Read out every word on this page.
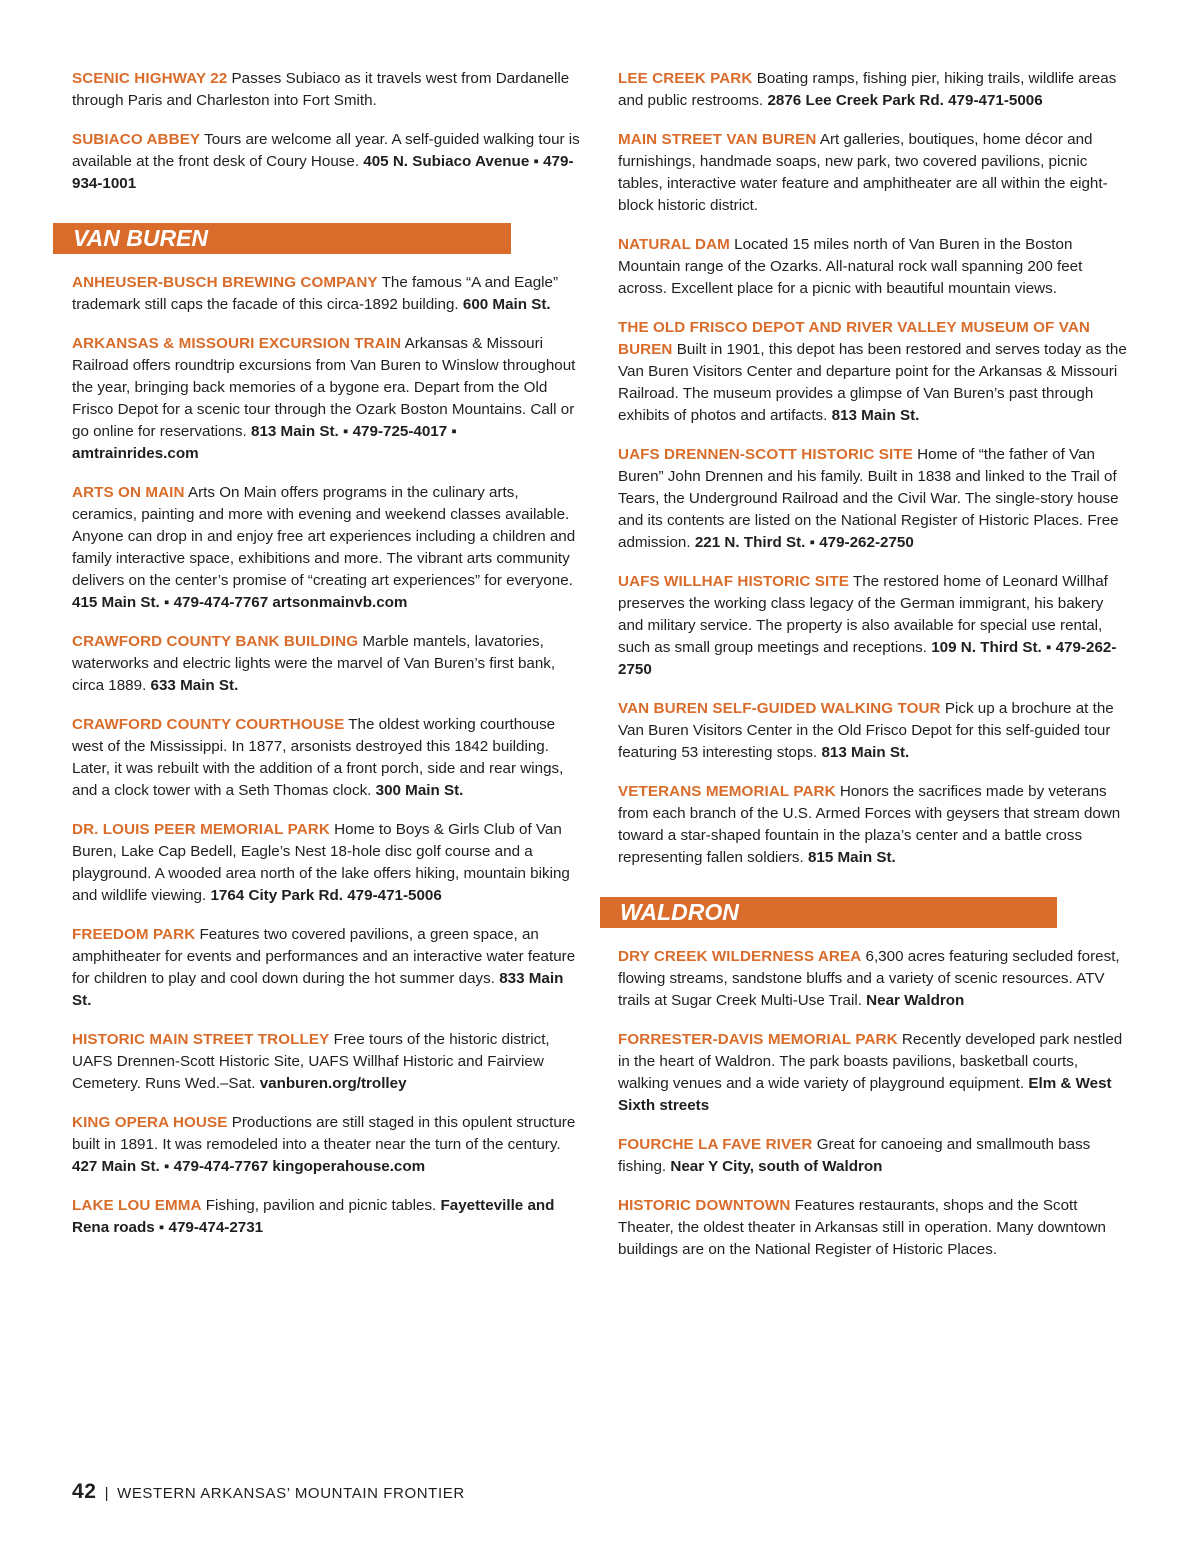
SCENIC HIGHWAY 22 Passes Subiaco as it travels west from Dardanelle through Paris and Charleston into Fort Smith.

SUBIACO ABBEY Tours are welcome all year. A self-guided walking tour is available at the front desk of Coury House. 405 N. Subiaco Avenue ▪ 479-934-1001

VAN BUREN

ANHEUSER-BUSCH BREWING COMPANY The famous “A and Eagle” trademark still caps the facade of this circa-1892 building. 600 Main St.

ARKANSAS & MISSOURI EXCURSION TRAIN Arkansas & Missouri Railroad offers roundtrip excursions from Van Buren to Winslow throughout the year, bringing back memories of a bygone era. Depart from the Old Frisco Depot for a scenic tour through the Ozark Boston Mountains. Call or go online for reservations. 813 Main St. ▪ 479-725-4017 ▪ amtrainrides.com

ARTS ON MAIN Arts On Main offers programs in the culinary arts, ceramics, painting and more with evening and weekend classes available. Anyone can drop in and enjoy free art experiences including a children and family interactive space, exhibitions and more. The vibrant arts community delivers on the center’s promise of “creating art experiences” for everyone. 415 Main St. ▪ 479-474-7767 artsonmainvb.com

CRAWFORD COUNTY BANK BUILDING Marble mantels, lavatories, waterworks and electric lights were the marvel of Van Buren’s first bank, circa 1889. 633 Main St.

CRAWFORD COUNTY COURTHOUSE The oldest working courthouse west of the Mississippi. In 1877, arsonists destroyed this 1842 building. Later, it was rebuilt with the addition of a front porch, side and rear wings, and a clock tower with a Seth Thomas clock. 300 Main St.

DR. LOUIS PEER MEMORIAL PARK Home to Boys & Girls Club of Van Buren, Lake Cap Bedell, Eagle’s Nest 18-hole disc golf course and a playground. A wooded area north of the lake offers hiking, mountain biking and wildlife viewing. 1764 City Park Rd. 479-471-5006

FREEDOM PARK Features two covered pavilions, a green space, an amphitheater for events and performances and an interactive water feature for children to play and cool down during the hot summer days. 833 Main St.

HISTORIC MAIN STREET TROLLEY Free tours of the historic district, UAFS Drennen-Scott Historic Site, UAFS Willhaf Historic and Fairview Cemetery. Runs Wed.–Sat. vanburen.org/trolley

KING OPERA HOUSE Productions are still staged in this opulent structure built in 1891. It was remodeled into a theater near the turn of the century. 427 Main St. ▪ 479-474-7767 kingoperahouse.com

LAKE LOU EMMA Fishing, pavilion and picnic tables. Fayetteville and Rena roads ▪ 479-474-2731

LEE CREEK PARK Boating ramps, fishing pier, hiking trails, wildlife areas and public restrooms. 2876 Lee Creek Park Rd. 479-471-5006

MAIN STREET VAN BUREN Art galleries, boutiques, home décor and furnishings, handmade soaps, new park, two covered pavilions, picnic tables, interactive water feature and amphitheater are all within the eight-block historic district.

NATURAL DAM Located 15 miles north of Van Buren in the Boston Mountain range of the Ozarks. All-natural rock wall spanning 200 feet across. Excellent place for a picnic with beautiful mountain views.

THE OLD FRISCO DEPOT AND RIVER VALLEY MUSEUM OF VAN BUREN Built in 1901, this depot has been restored and serves today as the Van Buren Visitors Center and departure point for the Arkansas & Missouri Railroad. The museum provides a glimpse of Van Buren’s past through exhibits of photos and artifacts. 813 Main St.

UAFS DRENNEN-SCOTT HISTORIC SITE Home of “the father of Van Buren” John Drennen and his family. Built in 1838 and linked to the Trail of Tears, the Underground Railroad and the Civil War. The single-story house and its contents are listed on the National Register of Historic Places. Free admission. 221 N. Third St. ▪ 479-262-2750

UAFS WILLHAF HISTORIC SITE The restored home of Leonard Willhaf preserves the working class legacy of the German immigrant, his bakery and military service. The property is also available for special use rental, such as small group meetings and receptions. 109 N. Third St. ▪ 479-262-2750

VAN BUREN SELF-GUIDED WALKING TOUR Pick up a brochure at the Van Buren Visitors Center in the Old Frisco Depot for this self-guided tour featuring 53 interesting stops. 813 Main St.

VETERANS MEMORIAL PARK Honors the sacrifices made by veterans from each branch of the U.S. Armed Forces with geysers that stream down toward a star-shaped fountain in the plaza’s center and a battle cross representing fallen soldiers. 815 Main St.

WALDRON

DRY CREEK WILDERNESS AREA 6,300 acres featuring secluded forest, flowing streams, sandstone bluffs and a variety of scenic resources. ATV trails at Sugar Creek Multi-Use Trail. Near Waldron

FORRESTER-DAVIS MEMORIAL PARK Recently developed park nestled in the heart of Waldron. The park boasts pavilions, basketball courts, walking venues and a wide variety of playground equipment. Elm & West Sixth streets

FOURCHE LA FAVE RIVER Great for canoeing and smallmouth bass fishing. Near Y City, south of Waldron

HISTORIC DOWNTOWN Features restaurants, shops and the Scott Theater, the oldest theater in Arkansas still in operation. Many downtown buildings are on the National Register of Historic Places.

42 | WESTERN ARKANSAS’ MOUNTAIN FRONTIER
